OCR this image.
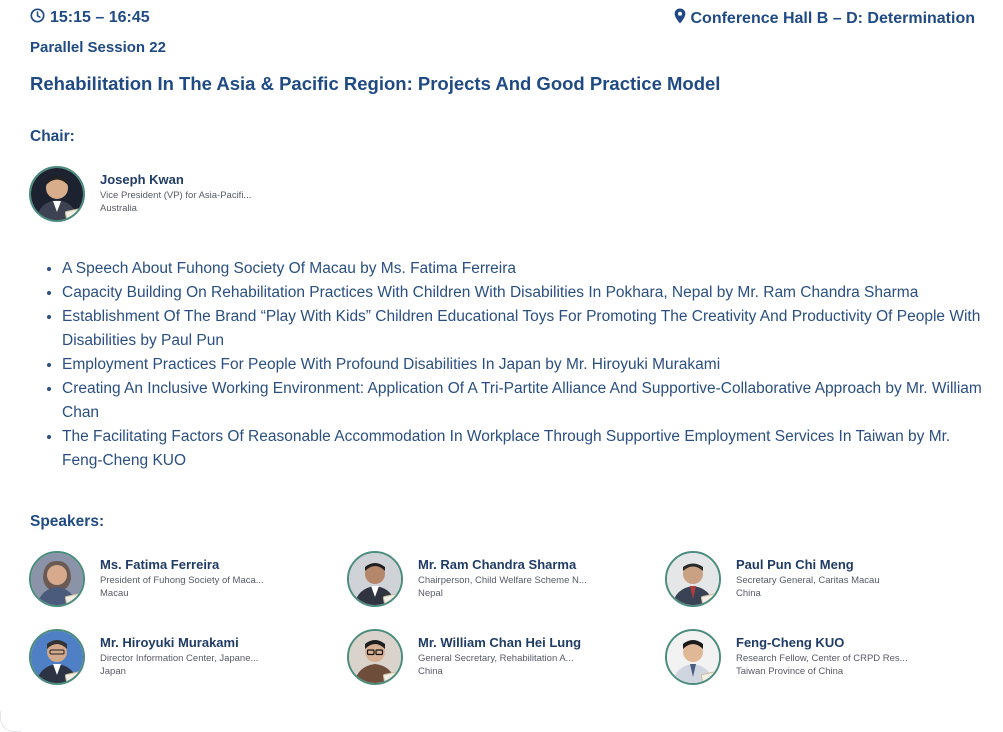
15:15 – 16:45	Conference Hall B – D: Determination
Parallel Session 22
Rehabilitation In The Asia & Pacific Region: Projects And Good Practice Model
Chair:
Joseph Kwan
Vice President (VP) for Asia-Pacifi...
Australia
• A Speech About Fuhong Society Of Macau by Ms. Fatima Ferreira
• Capacity Building On Rehabilitation Practices With Children With Disabilities In Pokhara, Nepal by Mr. Ram Chandra Sharma
• Establishment Of The Brand “Play With Kids” Children Educational Toys For Promoting The Creativity And Productivity Of People With Disabilities by Paul Pun
• Employment Practices For People With Profound Disabilities In Japan by Mr. Hiroyuki Murakami
• Creating An Inclusive Working Environment: Application Of A Tri-Partite Alliance And Supportive-Collaborative Approach by Mr. William Chan
• The Facilitating Factors Of Reasonable Accommodation In Workplace Through Supportive Employment Services In Taiwan by Mr. Feng-Cheng KUO
Speakers:
Ms. Fatima Ferreira
President of Fuhong Society of Maca...
Macau
Mr. Ram Chandra Sharma
Chairperson, Child Welfare Scheme N...
Nepal
Paul Pun Chi Meng
Secretary General, Caritas Macau
China
Mr. Hiroyuki Murakami
Director Information Center, Japane...
Japan
Mr. William Chan Hei Lung
General Secretary, Rehabilitation A...
China
Feng-Cheng KUO
Research Fellow, Center of CRPD Res...
Taiwan Province of China
